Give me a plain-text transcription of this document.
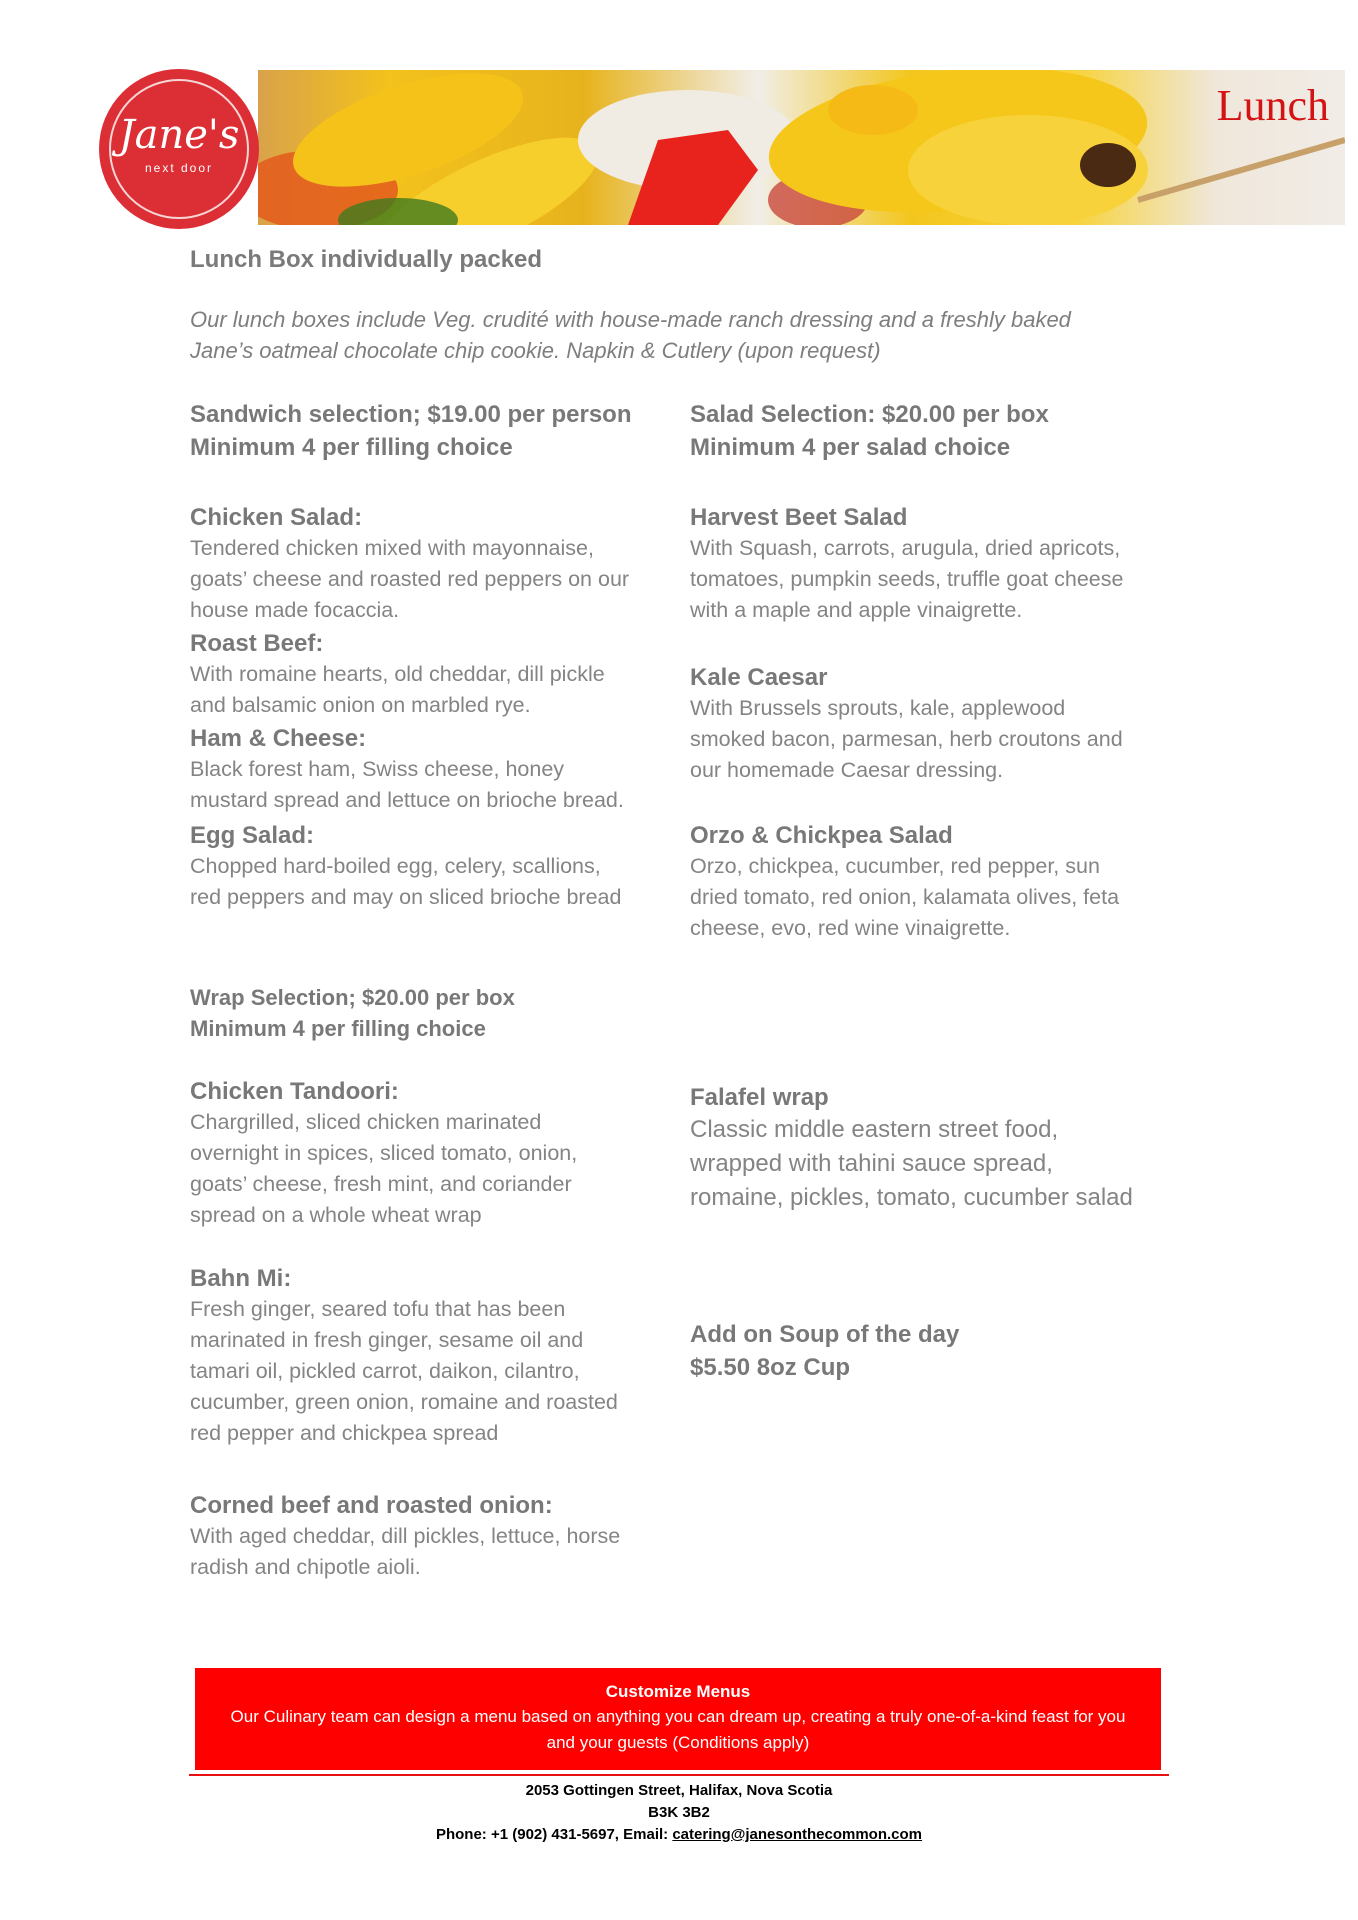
Lunch
Jane's
next door
Lunch Box individually packed
Our lunch boxes include Veg. crudité with house-made ranch dressing and a freshly baked
Jane’s oatmeal chocolate chip cookie. Napkin & Cutlery (upon request)
Sandwich selection; $19.00 per person
Minimum 4 per filling choice
Chicken Salad:
Tendered chicken mixed with mayonnaise,
goats’ cheese and roasted red peppers on our
house made focaccia.
Roast Beef:
With romaine hearts, old cheddar, dill pickle
and balsamic onion on marbled rye.
Ham & Cheese:
Black forest ham, Swiss cheese, honey
mustard spread and lettuce on brioche bread.
Egg Salad:
Chopped hard-boiled egg, celery, scallions,
red peppers and may on sliced brioche bread
Salad Selection: $20.00 per box
Minimum 4 per salad choice
Harvest Beet Salad
With Squash, carrots, arugula, dried apricots,
tomatoes, pumpkin seeds, truffle goat cheese
with a maple and apple vinaigrette.
Kale Caesar
With Brussels sprouts, kale, applewood
smoked bacon, parmesan, herb croutons and
our homemade Caesar dressing.
Orzo & Chickpea Salad
Orzo, chickpea, cucumber, red pepper, sun
dried tomato, red onion, kalamata olives, feta
cheese, evo, red wine vinaigrette.
Wrap Selection; $20.00 per box
Minimum 4 per filling choice
Chicken Tandoori:
Chargrilled, sliced chicken marinated
overnight in spices, sliced tomato, onion,
goats’ cheese, fresh mint, and coriander
spread on a whole wheat wrap
Bahn Mi:
Fresh ginger, seared tofu that has been
marinated in fresh ginger, sesame oil and
tamari oil, pickled carrot, daikon, cilantro,
cucumber, green onion, romaine and roasted
red pepper and chickpea spread
Corned beef and roasted onion:
With aged cheddar, dill pickles, lettuce, horse
radish and chipotle aioli.
Falafel wrap
Classic middle eastern street food,
wrapped with tahini sauce spread,
romaine, pickles, tomato, cucumber salad
Add on Soup of the day
$5.50 8oz Cup
Customize Menus
Our Culinary team can design a menu based on anything you can dream up, creating a truly one-of-a-kind feast for you and your guests (Conditions apply)
2053 Gottingen Street, Halifax, Nova Scotia
B3K 3B2
Phone: +1 (902) 431-5697, Email: catering@janesonthecommon.com
